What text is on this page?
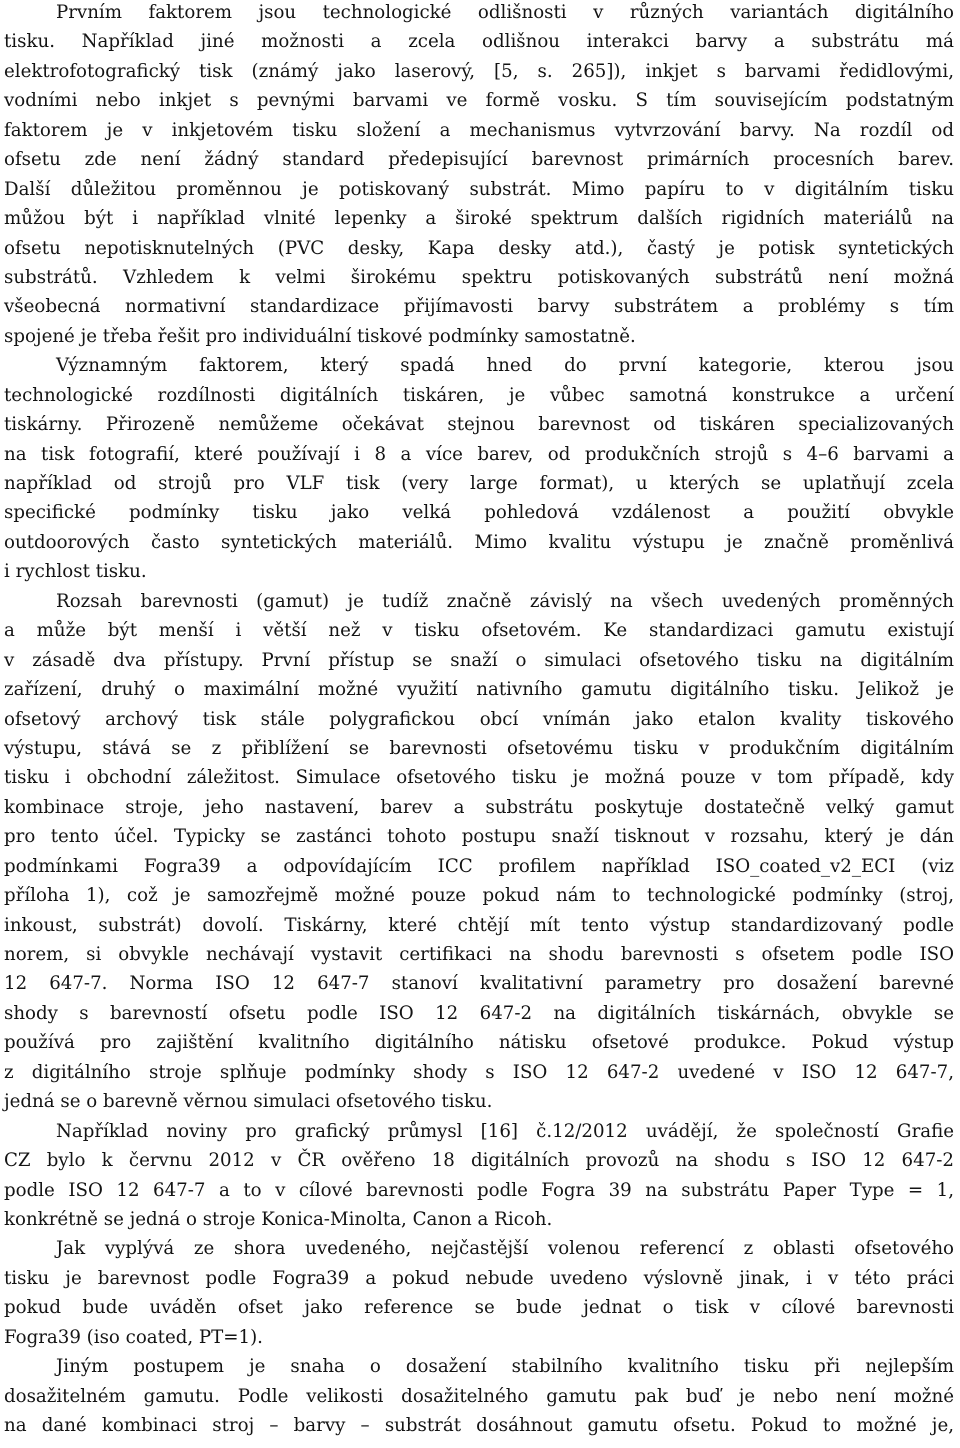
Prvním faktorem jsou technologické odlišnosti v různých variantách digitálního
tisku. Například jiné možnosti a zcela odlišnou interakci barvy a substrátu má
elektrofotografický tisk (známý jako laserový, [5, s. 265]), inkjet s barvami ředidlovými,
vodními nebo inkjet s pevnými barvami ve formě vosku. S tím souvisejícím podstatným
faktorem je v inkjetovém tisku složení a mechanismus vytvrzování barvy. Na rozdíl od
ofsetu zde není žádný standard předepisující barevnost primárních procesních barev.
Další důležitou proměnnou je potiskovaný substrát. Mimo papíru to v digitálním tisku
můžou být i například vlnité lepenky a široké spektrum dalších rigidních materiálů na
ofsetu nepotisknutelných (PVC desky, Kapa desky atd.), častý je potisk syntetických
substrátů. Vzhledem k velmi širokému spektru potiskovaných substrátů není možná
všeobecná normativní standardizace přijímavosti barvy substrátem a problémy s tím
spojené je třeba řešit pro individuální tiskové podmínky samostatně.
Významným faktorem, který spadá hned do první kategorie, kterou jsou
technologické rozdílnosti digitálních tiskáren, je vůbec samotná konstrukce a určení
tiskárny. Přirozeně nemůžeme očekávat stejnou barevnost od tiskáren specializovaných
na tisk fotografií, které používají i 8 a více barev, od produkčních strojů s 4–6 barvami a
například od strojů pro VLF tisk (very large format), u kterých se uplatňují zcela
specifické podmínky tisku jako velká pohledová vzdálenost a použití obvykle
outdoorových často syntetických materiálů. Mimo kvalitu výstupu je značně proměnlivá
i rychlost tisku.
Rozsah barevnosti (gamut) je tudíž značně závislý na všech uvedených proměnných
a může být menší i větší než v tisku ofsetovém. Ke standardizaci gamutu existují
v zásadě dva přístupy. První přístup se snaží o simulaci ofsetového tisku na digitálním
zařízení, druhý o maximální možné využití nativního gamutu digitálního tisku. Jelikož je
ofsetový archový tisk stále polygrafickou obcí vnímán jako etalon kvality tiskového
výstupu, stává se z přiblížení se barevnosti ofsetovému tisku v produkčním digitálním
tisku i obchodní záležitost. Simulace ofsetového tisku je možná pouze v tom případě, kdy
kombinace stroje, jeho nastavení, barev a substrátu poskytuje dostatečně velký gamut
pro tento účel. Typicky se zastánci tohoto postupu snaží tisknout v rozsahu, který je dán
podmínkami Fogra39 a odpovídajícím ICC profilem například ISO_coated_v2_ECI (viz
příloha 1), což je samozřejmě možné pouze pokud nám to technologické podmínky (stroj,
inkoust, substrát) dovolí. Tiskárny, které chtějí mít tento výstup standardizovaný podle
norem, si obvykle nechávají vystavit certifikaci na shodu barevnosti s ofsetem podle ISO
12 647-7. Norma ISO 12 647-7 stanoví kvalitativní parametry pro dosažení barevné
shody s barevností ofsetu podle ISO 12 647-2 na digitálních tiskárnách, obvykle se
používá pro zajištění kvalitního digitálního nátisku ofsetové produkce. Pokud výstup
z digitálního stroje splňuje podmínky shody s ISO 12 647-2 uvedené v ISO 12 647-7,
jedná se o barevně věrnou simulaci ofsetového tisku.
Například noviny pro grafický průmysl [16] č.12/2012 uvádějí, že společností Grafie
CZ bylo k červnu 2012 v ČR ověřeno 18 digitálních provozů na shodu s ISO 12 647-2
podle ISO 12 647-7 a to v cílové barevnosti podle Fogra 39 na substrátu Paper Type = 1,
konkrétně se jedná o stroje Konica-Minolta, Canon a Ricoh.
Jak vyplývá ze shora uvedeného, nejčastější volenou referencí z oblasti ofsetového
tisku je barevnost podle Fogra39 a pokud nebude uvedeno výslovně jinak, i v této práci
pokud bude uváděn ofset jako reference se bude jednat o tisk v cílové barevnosti
Fogra39 (iso coated, PT=1).
Jiným postupem je snaha o dosažení stabilního kvalitního tisku při nejlepším
dosažitelném gamutu. Podle velikosti dosažitelného gamutu pak buď je nebo není možné
na dané kombinaci stroj – barvy – substrát dosáhnout gamutu ofsetu. Pokud to možné je,
